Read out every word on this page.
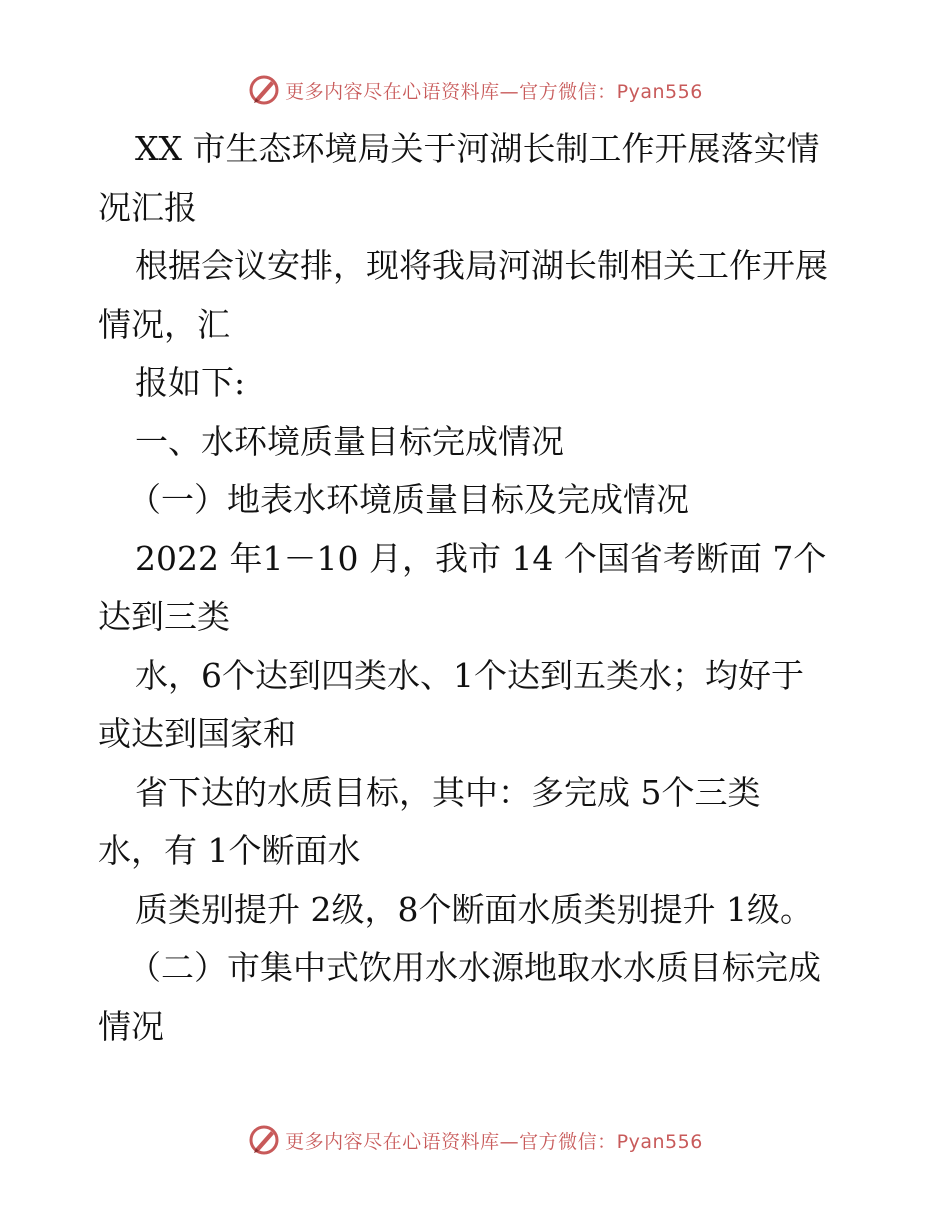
更多内容尽在心语资料库—官方微信：Pyan556
XX 市生态环境局关于河湖长制工作开展落实情
况汇报
根据会议安排，现将我局河湖长制相关工作开展
情况，汇
报如下:
一、水环境质量目标完成情况
（一）地表水环境质量目标及完成情况
2022 年1－10 月，我市 14 个国省考断面 7个
达到三类
水，6个达到四类水、1个达到五类水；均好于
或达到国家和
省下达的水质目标，其中：多完成 5个三类
水，有 1个断面水
质类别提升 2级，8个断面水质类别提升 1级。
（二）市集中式饮用水水源地取水水质目标完成
情况
更多内容尽在心语资料库—官方微信：Pyan556
